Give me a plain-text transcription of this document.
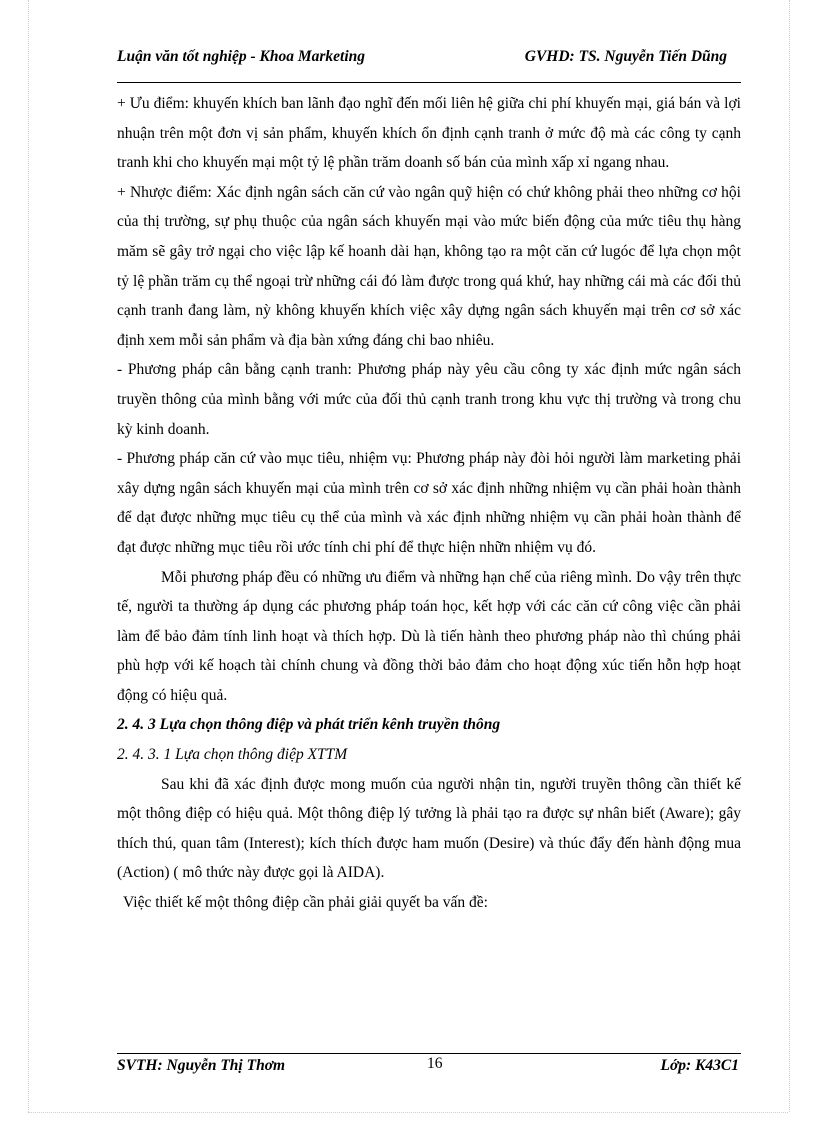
Luận văn tốt nghiệp - Khoa Marketing	GVHD: TS. Nguyễn Tiến Dũng

+ Ưu điểm: khuyến khích ban lãnh đạo nghĩ đến mối liên hệ giữa chi phí khuyến mại, giá bán và lợi nhuận trên một đơn vị sản phẩm, khuyến khích ổn định cạnh tranh ở mức độ mà các công ty cạnh tranh khi cho khuyến mại một tỷ lệ phần trăm doanh số bán của mình xấp xỉ ngang nhau.

+ Nhược điểm: Xác định ngân sách căn cứ vào ngân quỹ hiện có chứ không phải theo những cơ hội của thị trường, sự phụ thuộc của ngân sách khuyến mại vào mức biến động của mức tiêu thụ hàng măm sẽ gây trở ngại cho việc lập kế hoanh dài hạn, không tạo ra một căn cứ lugóc để lựa chọn một tỷ lệ phần trăm cụ thể ngoại trừ những cái đó làm được trong quá khứ, hay những cái mà các đối thủ cạnh tranh đang làm, nỳ không khuyến khích việc xây dựng ngân sách khuyến mại trên cơ sở xác định xem mỗi sản phẩm và địa bàn xứng đáng chi bao nhiêu.

- Phương pháp cân bằng cạnh tranh: Phương pháp này yêu cầu công ty xác định mức ngân sách truyền thông của mình bằng với mức của đối thủ cạnh tranh trong khu vực thị trường và trong chu kỳ kinh doanh.

- Phương pháp căn cứ vào mục tiêu, nhiệm vụ: Phương pháp này đòi hỏi người làm marketing phải xây dựng ngân sách khuyến mại của mình trên cơ sở xác định những nhiệm vụ cần phải hoàn thành để dạt được những mục tiêu cụ thể của mình và xác định những nhiệm vụ cần phải hoàn thành để đạt được những mục tiêu rồi ước tính chi phí để thực hiện nhữn nhiệm vụ đó.

Mỗi phương pháp đều có những ưu điểm và những hạn chế của riêng mình. Do vậy trên thực tế, người ta thường áp dụng các phương pháp toán học, kết hợp với các căn cứ công việc cần phải làm để bảo đảm tính linh hoạt và thích hợp. Dù là tiến hành theo phương pháp nào thì chúng phải phù hợp với kế hoạch tài chính chung và đồng thời bảo đảm cho hoạt động xúc tiến hỗn hợp hoạt động có hiệu quả.

2. 4. 3 Lựa chọn thông điệp và phát triển kênh truyền thông

2. 4. 3. 1 Lựa chọn thông điệp XTTM

Sau khi đã xác định được mong muốn của người nhận tin, người truyền thông cần thiết kế một thông điệp có hiệu quả. Một thông điệp lý tưởng là phải tạo ra được sự nhân biết (Aware); gây thích thú, quan tâm (Interest); kích thích được ham muốn (Desire) và thúc đẩy đến hành động mua (Action) ( mô thức này được gọi là AIDA).

Việc thiết kế một thông điệp cần phải giải quyết ba vấn đề:

SVTH: Nguyễn Thị Thơm	16	Lớp: K43C1
